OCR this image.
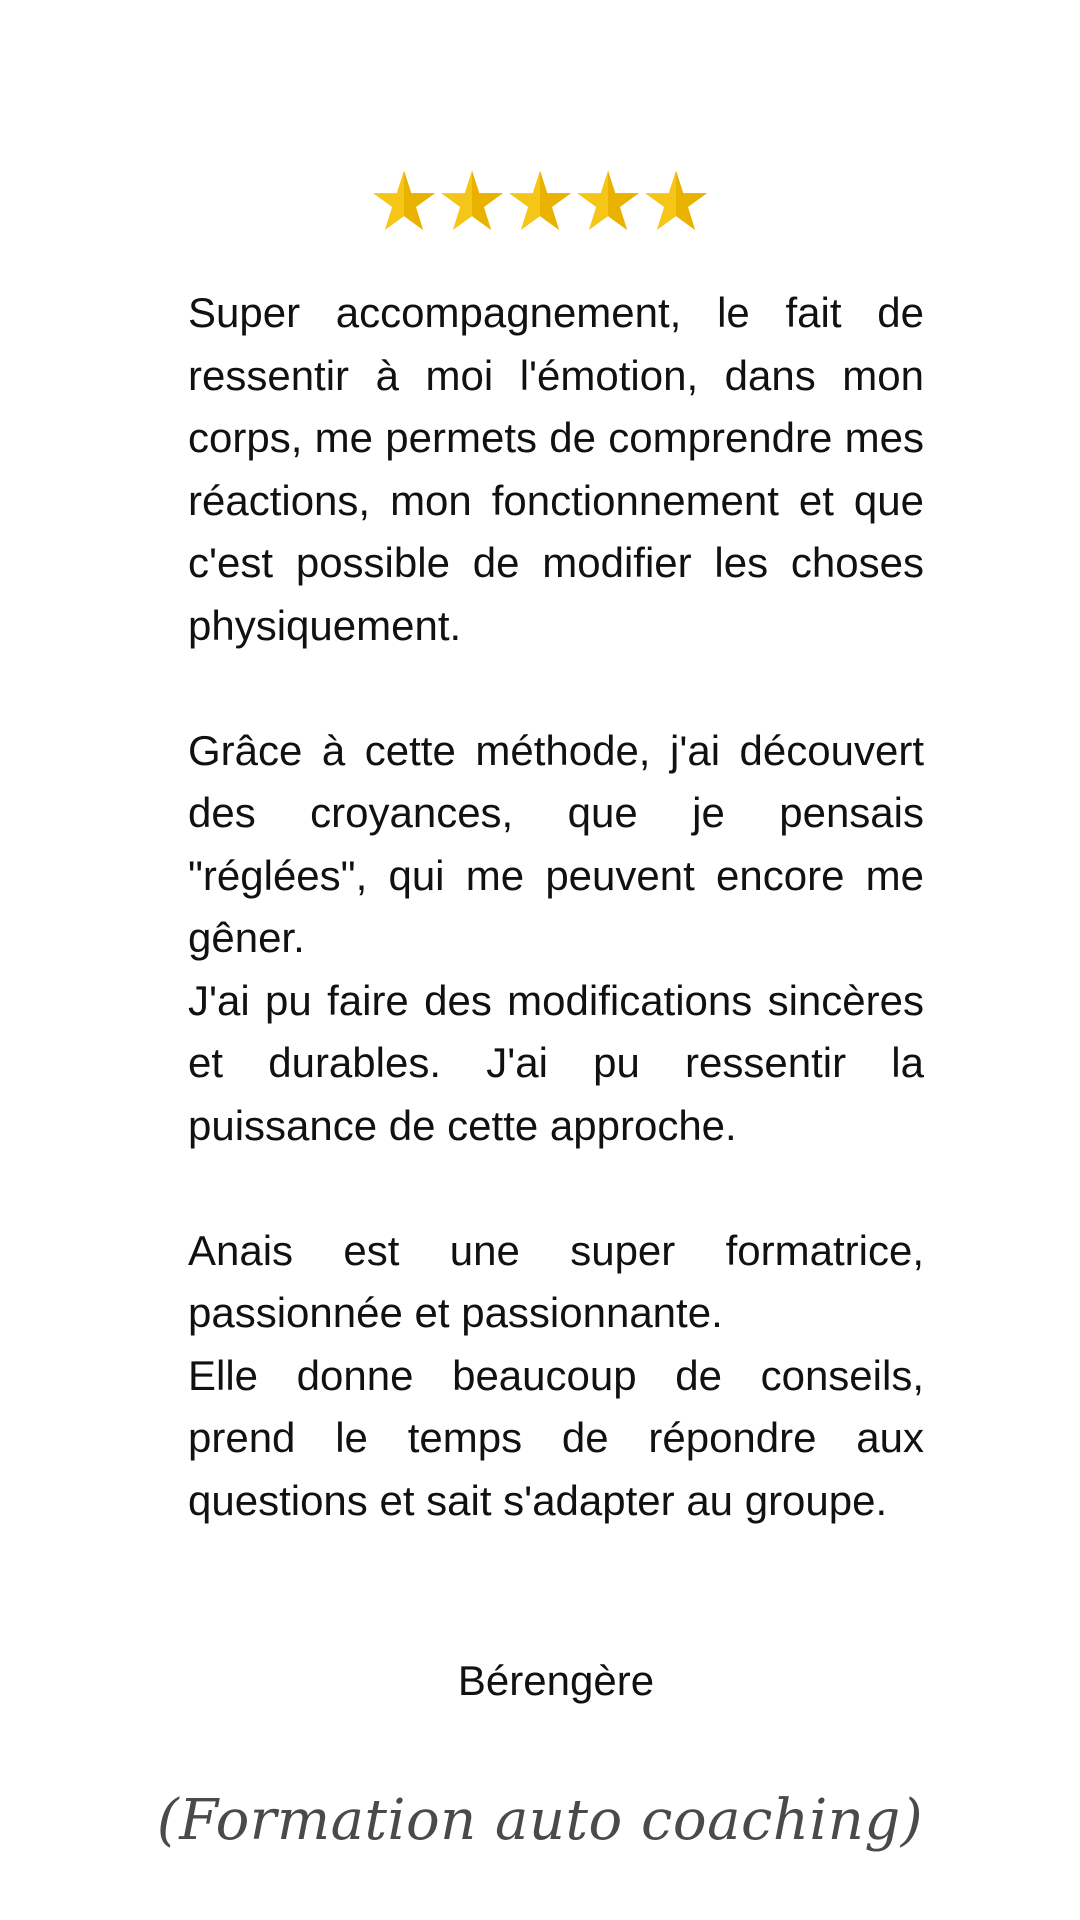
Super accompagnement, le fait de ressentir à moi l'émotion, dans mon corps, me permets de comprendre mes réactions, mon fonctionnement et que c'est possible de modifier les choses physiquement.

Grâce à cette méthode, j'ai découvert des croyances, que je pensais "réglées", qui me peuvent encore me gêner.

J'ai pu faire des modifications sincères et durables. J'ai pu ressentir la puissance de cette approche.

Anais est une super formatrice, passionnée et passionnante.

Elle donne beaucoup de conseils, prend le temps de répondre aux questions et sait s'adapter au groupe.

Bérengère
(Formation auto coaching)
